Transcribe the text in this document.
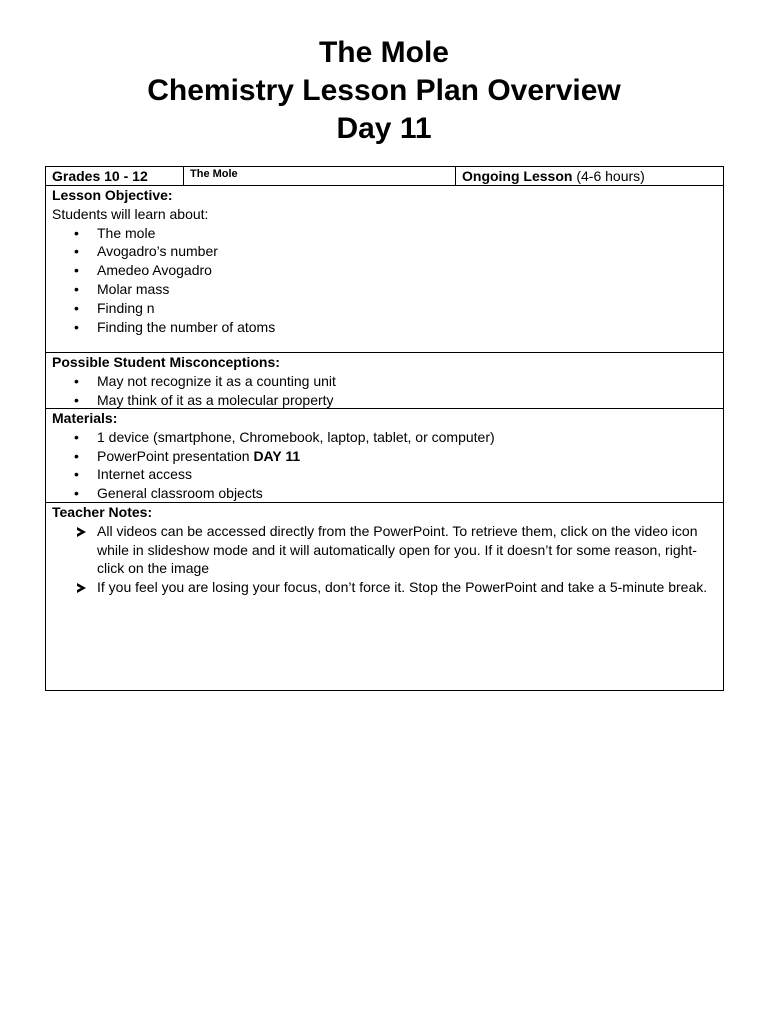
The Mole
Chemistry Lesson Plan Overview
Day 11
Grades 10 - 12	The Mole	Ongoing Lesson (4-6 hours)
Lesson Objective:
Students will learn about:
• The mole
• Avogadro’s number
• Amedeo Avogadro
• Molar mass
• Finding n
• Finding the number of atoms
Possible Student Misconceptions:
• May not recognize it as a counting unit
• May think of it as a molecular property
Materials:
• 1 device (smartphone, Chromebook, laptop, tablet, or computer)
• PowerPoint presentation DAY 11
• Internet access
• General classroom objects
Teacher Notes:
All videos can be accessed directly from the PowerPoint. To retrieve them, click on the video icon while in slideshow mode and it will automatically open for you. If it doesn’t for some reason, right-click on the image
If you feel you are losing your focus, don’t force it. Stop the PowerPoint and take a 5-minute break.
